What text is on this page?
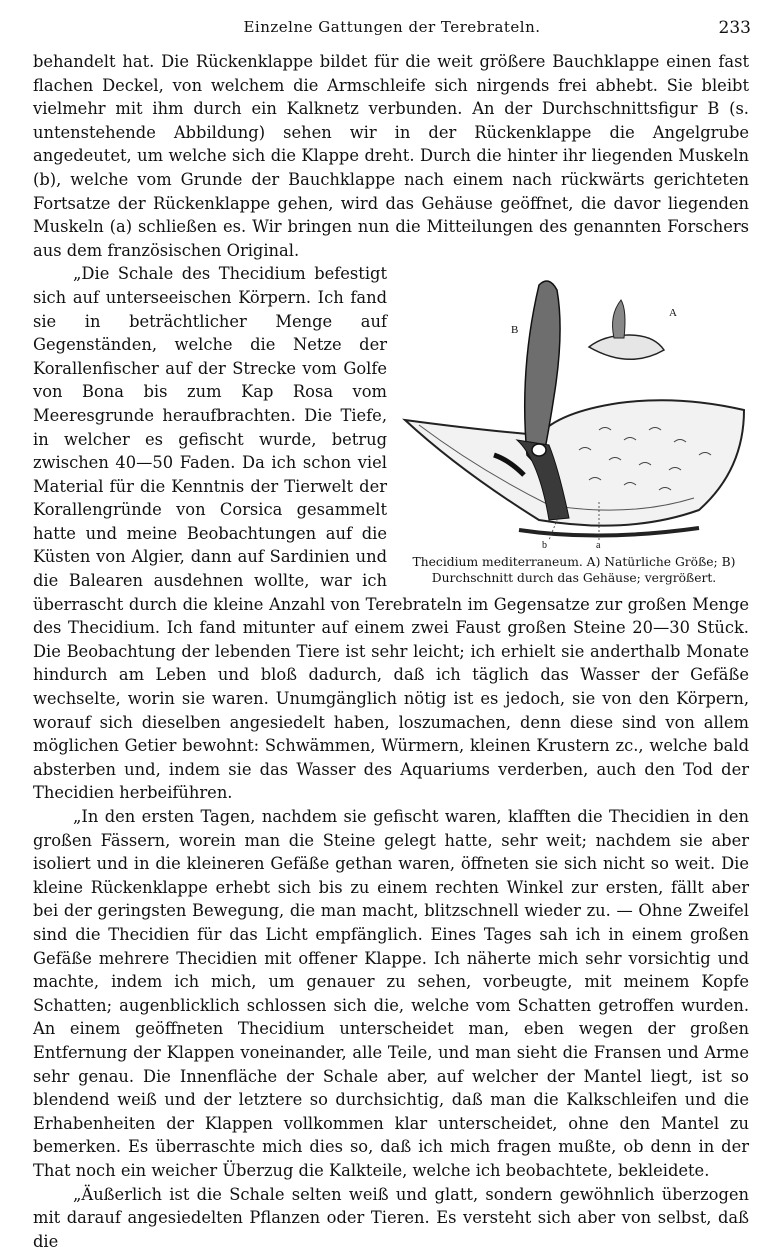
Einzelne Gattungen der Terebrateln.	233

behandelt hat. Die Rückenklappe bildet für die weit größere Bauchklappe einen fast flachen Deckel, von welchem die Armschleife sich nirgends frei abhebt. Sie bleibt vielmehr mit ihm durch ein Kalknetz verbunden. An der Durchschnittsfigur B (s. untenstehende Abbildung) sehen wir in der Rückenklappe die Angelgrube angedeutet, um welche sich die Klappe dreht. Durch die hinter ihr liegenden Muskeln (b), welche vom Grunde der Bauchklappe nach einem nach rückwärts gerichteten Fortsatze der Rückenklappe gehen, wird das Gehäuse geöffnet, die davor liegenden Muskeln (a) schließen es. Wir bringen nun die Mitteilungen des genannten Forschers aus dem französischen Original.

B
A
b	a
Thecidium mediterraneum. A) Natürliche Größe; B) Durchschnitt durch das Gehäuse; vergrößert.

„Die Schale des Thecidium befestigt sich auf unterseeischen Körpern. Ich fand sie in beträchtlicher Menge auf Gegenständen, welche die Netze der Korallenfischer auf der Strecke vom Golfe von Bona bis zum Kap Rosa vom Meeresgrunde heraufbrachten. Die Tiefe, in welcher es gefischt wurde, betrug zwischen 40—50 Faden. Da ich schon viel Material für die Kenntnis der Tierwelt der Korallengründe von Corsica gesammelt hatte und meine Beobachtungen auf die Küsten von Algier, dann auf Sardinien und die Balearen ausdehnen wollte, war ich überrascht durch die kleine Anzahl von Terebrateln im Gegensatze zur großen Menge des Thecidium. Ich fand mitunter auf einem zwei Faust großen Steine 20—30 Stück. Die Beobachtung der lebenden Tiere ist sehr leicht; ich erhielt sie anderthalb Monate hindurch am Leben und bloß dadurch, daß ich täglich das Wasser der Gefäße wechselte, worin sie waren. Unumgänglich nötig ist es jedoch, sie von den Körpern, worauf sich dieselben angesiedelt haben, loszumachen, denn diese sind von allem möglichen Getier bewohnt: Schwämmen, Würmern, kleinen Krustern zc., welche bald absterben und, indem sie das Wasser des Aquariums verderben, auch den Tod der Thecidien herbeiführen.

„In den ersten Tagen, nachdem sie gefischt waren, klafften die Thecidien in den großen Fässern, worein man die Steine gelegt hatte, sehr weit; nachdem sie aber isoliert und in die kleineren Gefäße gethan waren, öffneten sie sich nicht so weit. Die kleine Rückenklappe erhebt sich bis zu einem rechten Winkel zur ersten, fällt aber bei der geringsten Bewegung, die man macht, blitzschnell wieder zu. — Ohne Zweifel sind die Thecidien für das Licht empfänglich. Eines Tages sah ich in einem großen Gefäße mehrere Thecidien mit offener Klappe. Ich näherte mich sehr vorsichtig und machte, indem ich mich, um genauer zu sehen, vorbeugte, mit meinem Kopfe Schatten; augenblicklich schlossen sich die, welche vom Schatten getroffen wurden. An einem geöffneten Thecidium unterscheidet man, eben wegen der großen Entfernung der Klappen voneinander, alle Teile, und man sieht die Fransen und Arme sehr genau. Die Innenfläche der Schale aber, auf welcher der Mantel liegt, ist so blendend weiß und der letztere so durchsichtig, daß man die Kalkschleifen und die Erhabenheiten der Klappen vollkommen klar unterscheidet, ohne den Mantel zu bemerken. Es überraschte mich dies so, daß ich mich fragen mußte, ob denn in der That noch ein weicher Überzug die Kalkteile, welche ich beobachtete, bekleidete.

„Äußerlich ist die Schale selten weiß und glatt, sondern gewöhnlich überzogen mit darauf angesiedelten Pflanzen oder Tieren. Es versteht sich aber von selbst, daß die
